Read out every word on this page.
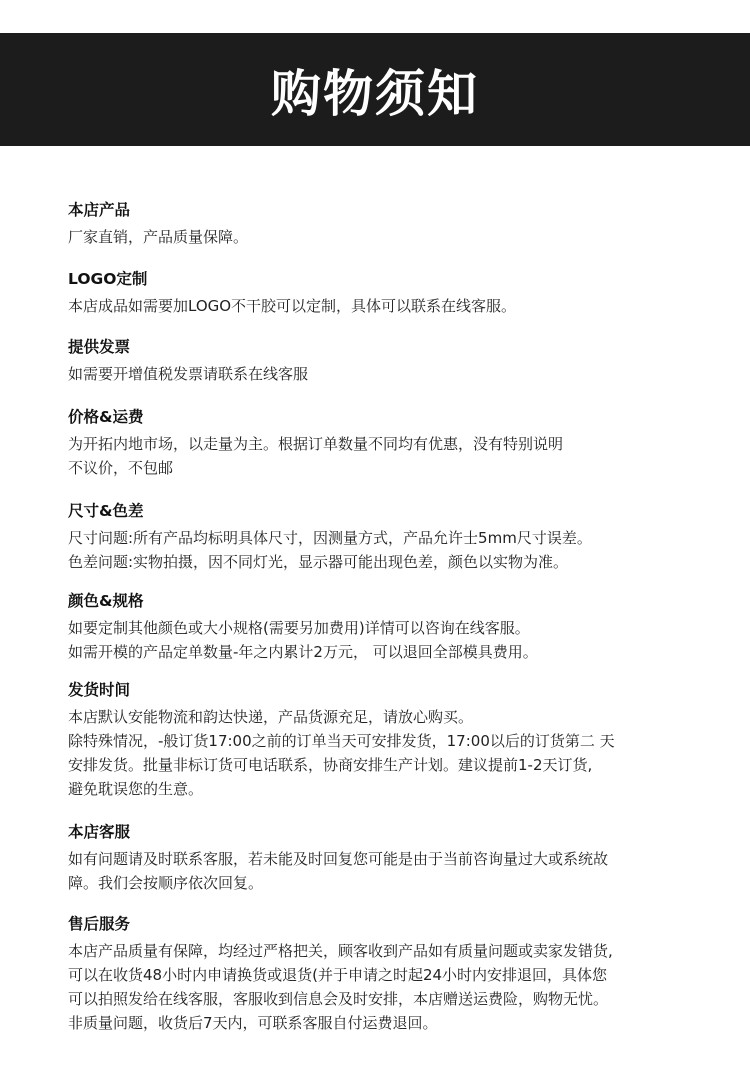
购物须知
本店产品
厂家直销，产品质量保障。
LOGO定制
本店成品如需要加LOGO不干胶可以定制，具体可以联系在线客服。
提供发票
如需要开增值税发票请联系在线客服
价格&运费
为开拓内地市场，以走量为主。根据订单数量不同均有优惠，没有特别说明
不议价，不包邮
尺寸&色差
尺寸问题:所有产品均标明具体尺寸，因测量方式，产品允许士5mm尺寸误差。
色差问题:实物拍摄，因不同灯光，显示器可能出现色差，颜色以实物为准。
颜色&规格
如要定制其他颜色或大小规格(需要另加费用)详情可以咨询在线客服。
如需开模的产品定单数量-年之内累计2万元， 可以退回全部模具费用。
发货时间
本店默认安能物流和韵达快递，产品货源充足，请放心购买。
除特殊情况，-般订货17:00之前的订单当天可安排发货，17:00以后的订货第二 天
安排发货。批量非标订货可电话联系，协商安排生产计划。建议提前1-2天订货,
避免耽误您的生意。
本店客服
如有问题请及时联系客服，若未能及时回复您可能是由于当前咨询量过大或系统故
障。我们会按顺序依次回复。
售后服务
本店产品质量有保障，均经过严格把关，顾客收到产品如有质量问题或卖家发错货,
可以在收货48小时内申请换货或退货(并于申请之时起24小时内安排退回，具体您
可以拍照发给在线客服，客服收到信息会及时安排，本店赠送运费险，购物无忧。
非质量问题，收货后7天内，可联系客服自付运费退回。
